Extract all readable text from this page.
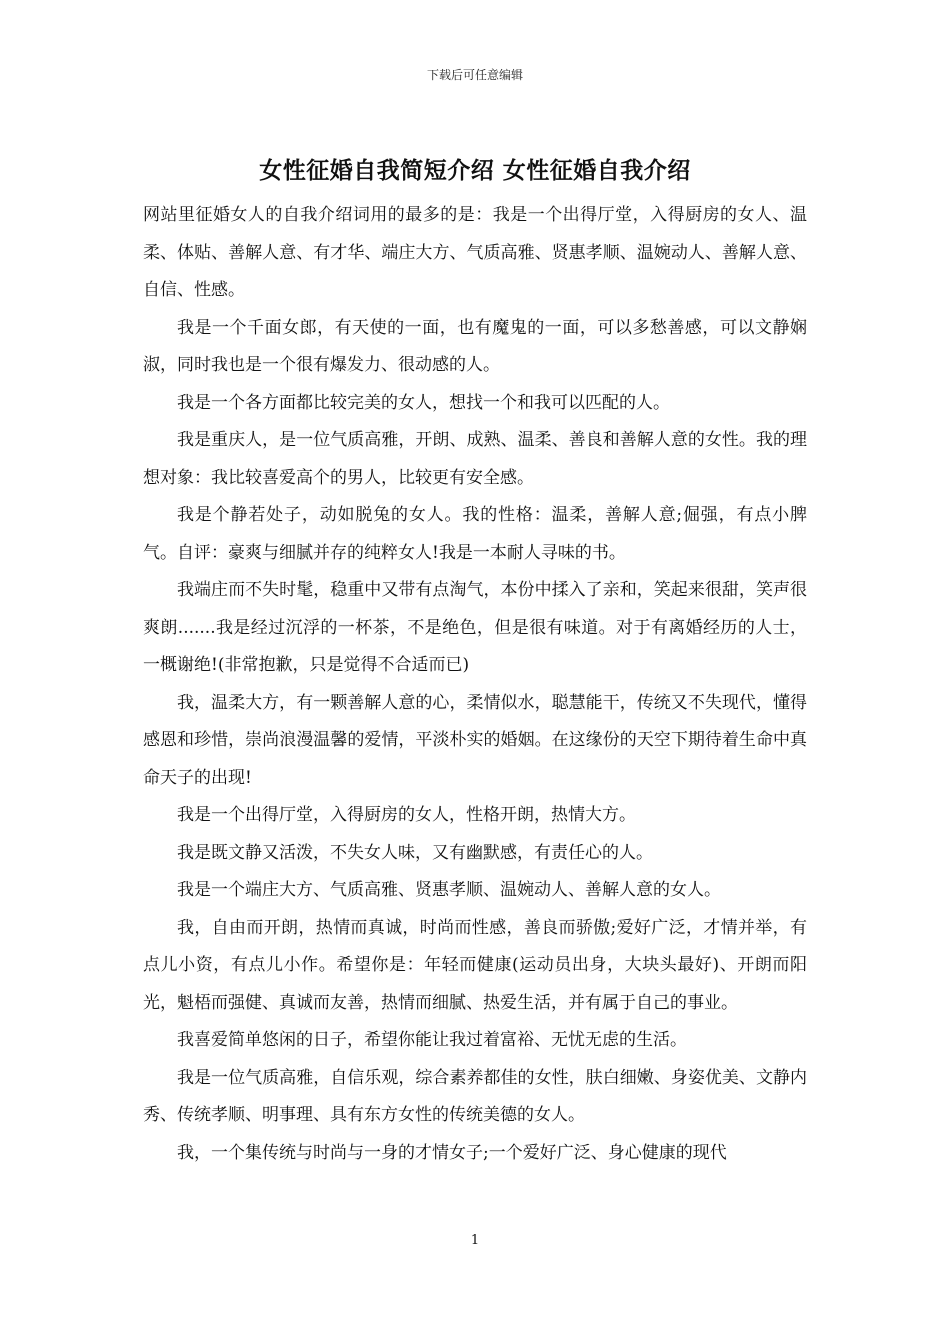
下载后可任意编辑
女性征婚自我简短介绍 女性征婚自我介绍

网站里征婚女人的自我介绍词用的最多的是：我是一个出得厅堂，入得厨房的女人、温柔、体贴、善解人意、有才华、端庄大方、气质高雅、贤惠孝顺、温婉动人、善解人意、自信、性感。

我是一个千面女郎，有天使的一面，也有魔鬼的一面，可以多愁善感，可以文静娴淑，同时我也是一个很有爆发力、很动感的人。

我是一个各方面都比较完美的女人，想找一个和我可以匹配的人。

我是重庆人，是一位气质高雅，开朗、成熟、温柔、善良和善解人意的女性。我的理想对象：我比较喜爱高个的男人，比较更有安全感。

我是个静若处子，动如脱兔的女人。我的性格：温柔，善解人意;倔强，有点小脾气。自评：豪爽与细腻并存的纯粹女人!我是一本耐人寻味的书。

我端庄而不失时髦，稳重中又带有点淘气，本份中揉入了亲和，笑起来很甜，笑声很爽朗.......我是经过沉浮的一杯茶，不是绝色，但是很有味道。对于有离婚经历的人士，一概谢绝!(非常抱歉，只是觉得不合适而已)

我，温柔大方，有一颗善解人意的心，柔情似水，聪慧能干，传统又不失现代，懂得感恩和珍惜，崇尚浪漫温馨的爱情，平淡朴实的婚姻。在这缘份的天空下期待着生命中真命天子的出现!

我是一个出得厅堂，入得厨房的女人，性格开朗，热情大方。

我是既文静又活泼，不失女人味，又有幽默感，有责任心的人。

我是一个端庄大方、气质高雅、贤惠孝顺、温婉动人、善解人意的女人。

我，自由而开朗，热情而真诚，时尚而性感，善良而骄傲;爱好广泛，才情并举，有点儿小资，有点儿小作。希望你是：年轻而健康(运动员出身，大块头最好)、开朗而阳光，魁梧而强健、真诚而友善，热情而细腻、热爱生活，并有属于自己的事业。

我喜爱简单悠闲的日子，希望你能让我过着富裕、无忧无虑的生活。

我是一位气质高雅，自信乐观，综合素养都佳的女性，肤白细嫩、身姿优美、文静内秀、传统孝顺、明事理、具有东方女性的传统美德的女人。

我，一个集传统与时尚与一身的才情女子;一个爱好广泛、身心健康的现代

1
